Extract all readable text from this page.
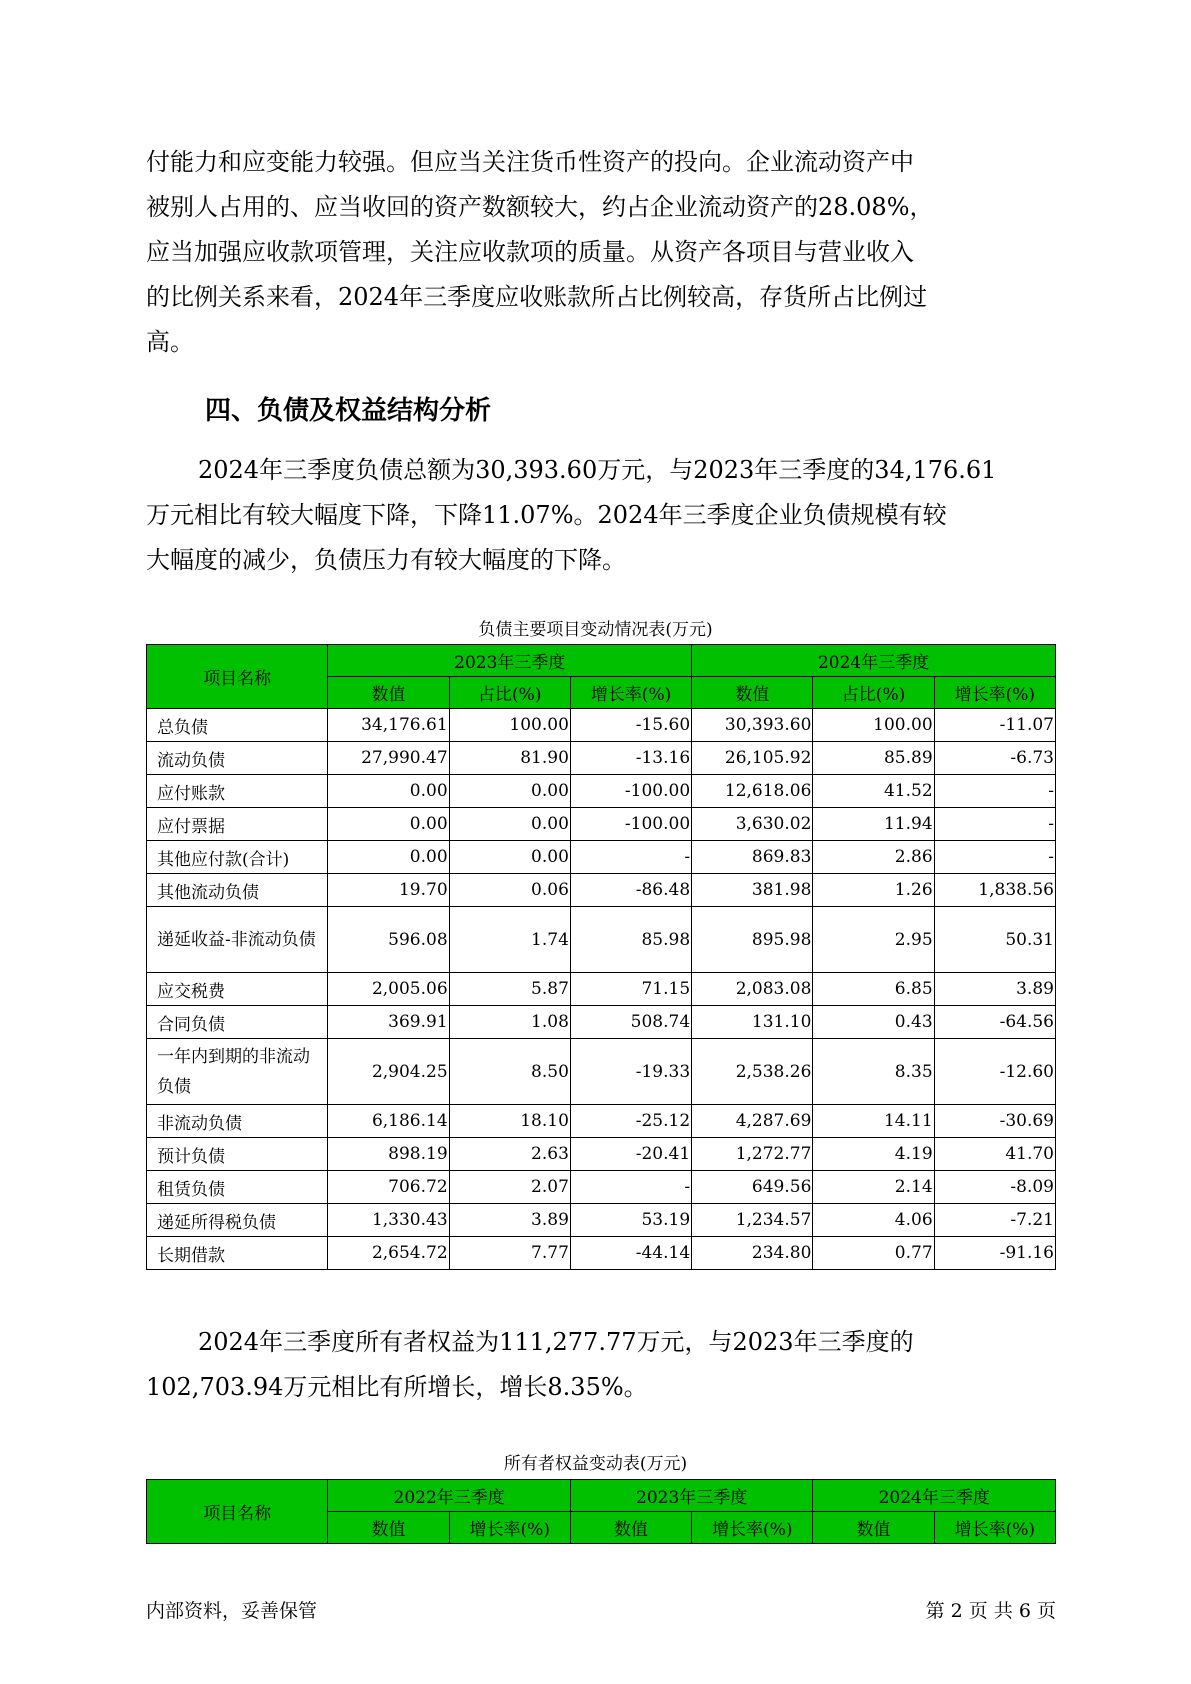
付能力和应变能力较强。但应当关注货币性资产的投向。企业流动资产中
被别人占用的、应当收回的资产数额较大，约占企业流动资产的28.08%，
应当加强应收款项管理，关注应收款项的质量。从资产各项目与营业收入
的比例关系来看，2024年三季度应收账款所占比例较高，存货所占比例过
高。
四、负债及权益结构分析
2024年三季度负债总额为30,393.60万元，与2023年三季度的34,176.61
万元相比有较大幅度下降，下降11.07%。2024年三季度企业负债规模有较
大幅度的减少，负债压力有较大幅度的下降。
负债主要项目变动情况表(万元)
项目名称	2023年三季度			2024年三季度		
	数值	占比(%)	增长率(%)	数值	占比(%)	增长率(%)
总负债	34,176.61	100.00	-15.60	30,393.60	100.00	-11.07
流动负债	27,990.47	81.90	-13.16	26,105.92	85.89	-6.73
应付账款	0.00	0.00	-100.00	12,618.06	41.52	-
应付票据	0.00	0.00	-100.00	3,630.02	11.94	-
其他应付款(合计)	0.00	0.00	-	869.83	2.86	-
其他流动负债	19.70	0.06	-86.48	381.98	1.26	1,838.56
递延收益-非流动负债	596.08	1.74	85.98	895.98	2.95	50.31
应交税费	2,005.06	5.87	71.15	2,083.08	6.85	3.89
合同负债	369.91	1.08	508.74	131.10	0.43	-64.56
一年内到期的非流动负债	2,904.25	8.50	-19.33	2,538.26	8.35	-12.60
非流动负债	6,186.14	18.10	-25.12	4,287.69	14.11	-30.69
预计负债	898.19	2.63	-20.41	1,272.77	4.19	41.70
租赁负债	706.72	2.07	-	649.56	2.14	-8.09
递延所得税负债	1,330.43	3.89	53.19	1,234.57	4.06	-7.21
长期借款	2,654.72	7.77	-44.14	234.80	0.77	-91.16
2024年三季度所有者权益为111,277.77万元，与2023年三季度的
102,703.94万元相比有所增长，增长8.35%。
所有者权益变动表(万元)
项目名称	2022年三季度		2023年三季度		2024年三季度	
	数值	增长率(%)	数值	增长率(%)	数值	增长率(%)
内部资料，妥善保管	第 2 页 共 6 页
